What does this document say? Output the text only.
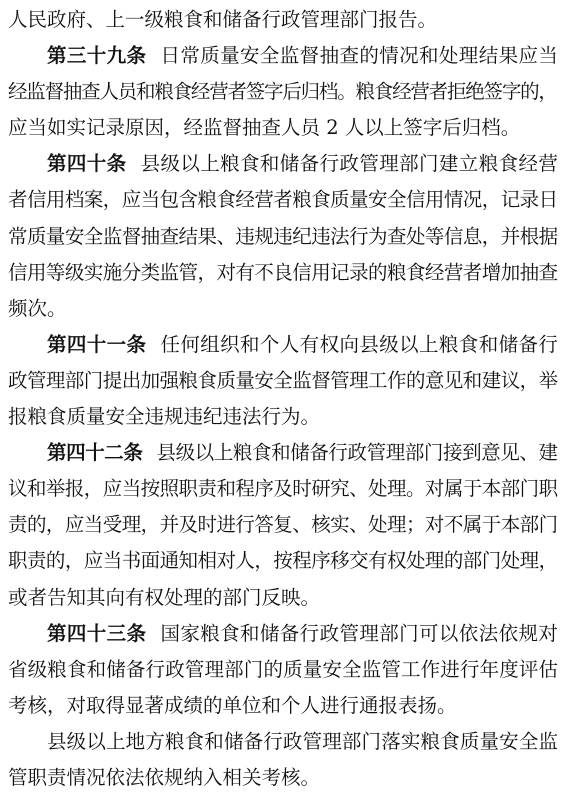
人民政府、上一级粮食和储备行政管理部门报告。
第三十九条 日常质量安全监督抽查的情况和处理结果应当
经监督抽查人员和粮食经营者签字后归档。粮食经营者拒绝签字的，
应当如实记录原因，经监督抽查人员 2 人以上签字后归档。
第四十条 县级以上粮食和储备行政管理部门建立粮食经营
者信用档案，应当包含粮食经营者粮食质量安全信用情况，记录日
常质量安全监督抽查结果、违规违纪违法行为查处等信息，并根据
信用等级实施分类监管，对有不良信用记录的粮食经营者增加抽查
频次。
第四十一条 任何组织和个人有权向县级以上粮食和储备行
政管理部门提出加强粮食质量安全监督管理工作的意见和建议，举
报粮食质量安全违规违纪违法行为。
第四十二条 县级以上粮食和储备行政管理部门接到意见、建
议和举报，应当按照职责和程序及时研究、处理。对属于本部门职
责的，应当受理，并及时进行答复、核实、处理；对不属于本部门
职责的，应当书面通知相对人，按程序移交有权处理的部门处理，
或者告知其向有权处理的部门反映。
第四十三条 国家粮食和储备行政管理部门可以依法依规对
省级粮食和储备行政管理部门的质量安全监管工作进行年度评估
考核，对取得显著成绩的单位和个人进行通报表扬。
县级以上地方粮食和储备行政管理部门落实粮食质量安全监
管职责情况依法依规纳入相关考核。
